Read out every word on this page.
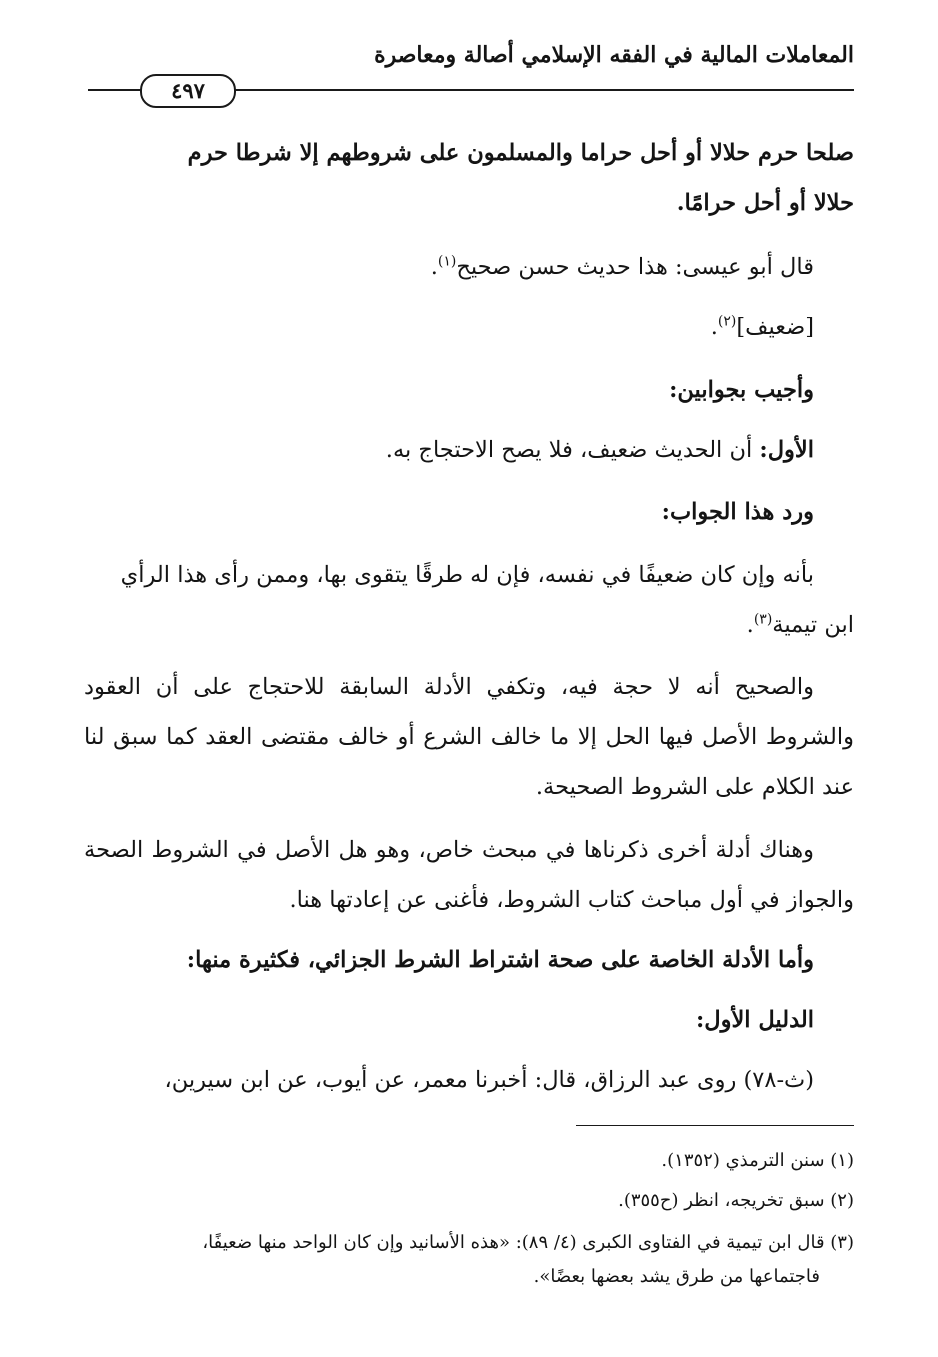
المعاملات المالية في الفقه الإسلامي أصالة ومعاصرة
٤٩٧
صلحا حرم حلالا أو أحل حراما والمسلمون على شروطهم إلا شرطا حرم
حلالا أو أحل حرامًا.
قال أبو عيسى: هذا حديث حسن صحيح$^{(١)}$.
[ضعيف]$^{(٢)}$.
وأجيب بجوابين:
الأول: أن الحديث ضعيف، فلا يصح الاحتجاج به.
ورد هذا الجواب:
بأنه وإن كان ضعيفًا في نفسه، فإن له طرقًا يتقوى بها، وممن رأى هذا الرأي
ابن تيمية$^{(٣)}$.
والصحيح أنه لا حجة فيه، وتكفي الأدلة السابقة للاحتجاج على أن العقود والشروط الأصل فيها الحل إلا ما خالف الشرع أو خالف مقتضى العقد كما سبق لنا عند الكلام على الشروط الصحيحة.
وهناك أدلة أخرى ذكرناها في مبحث خاص، وهو هل الأصل في الشروط الصحة والجواز في أول مباحث كتاب الشروط، فأغنى عن إعادتها هنا.
وأما الأدلة الخاصة على صحة اشتراط الشرط الجزائي، فكثيرة منها:
الدليل الأول:
(ث-٧٨) روى عبد الرزاق، قال: أخبرنا معمر، عن أيوب، عن ابن سيرين،
(١) سنن الترمذي (١٣٥٢).
(٢) سبق تخريجه، انظر (ح٣٥٥).
(٣) قال ابن تيمية في الفتاوى الكبرى (٤/ ٨٩): «هذه الأسانيد وإن كان الواحد منها ضعيفًا،
فاجتماعها من طرق يشد بعضها بعضًا».
